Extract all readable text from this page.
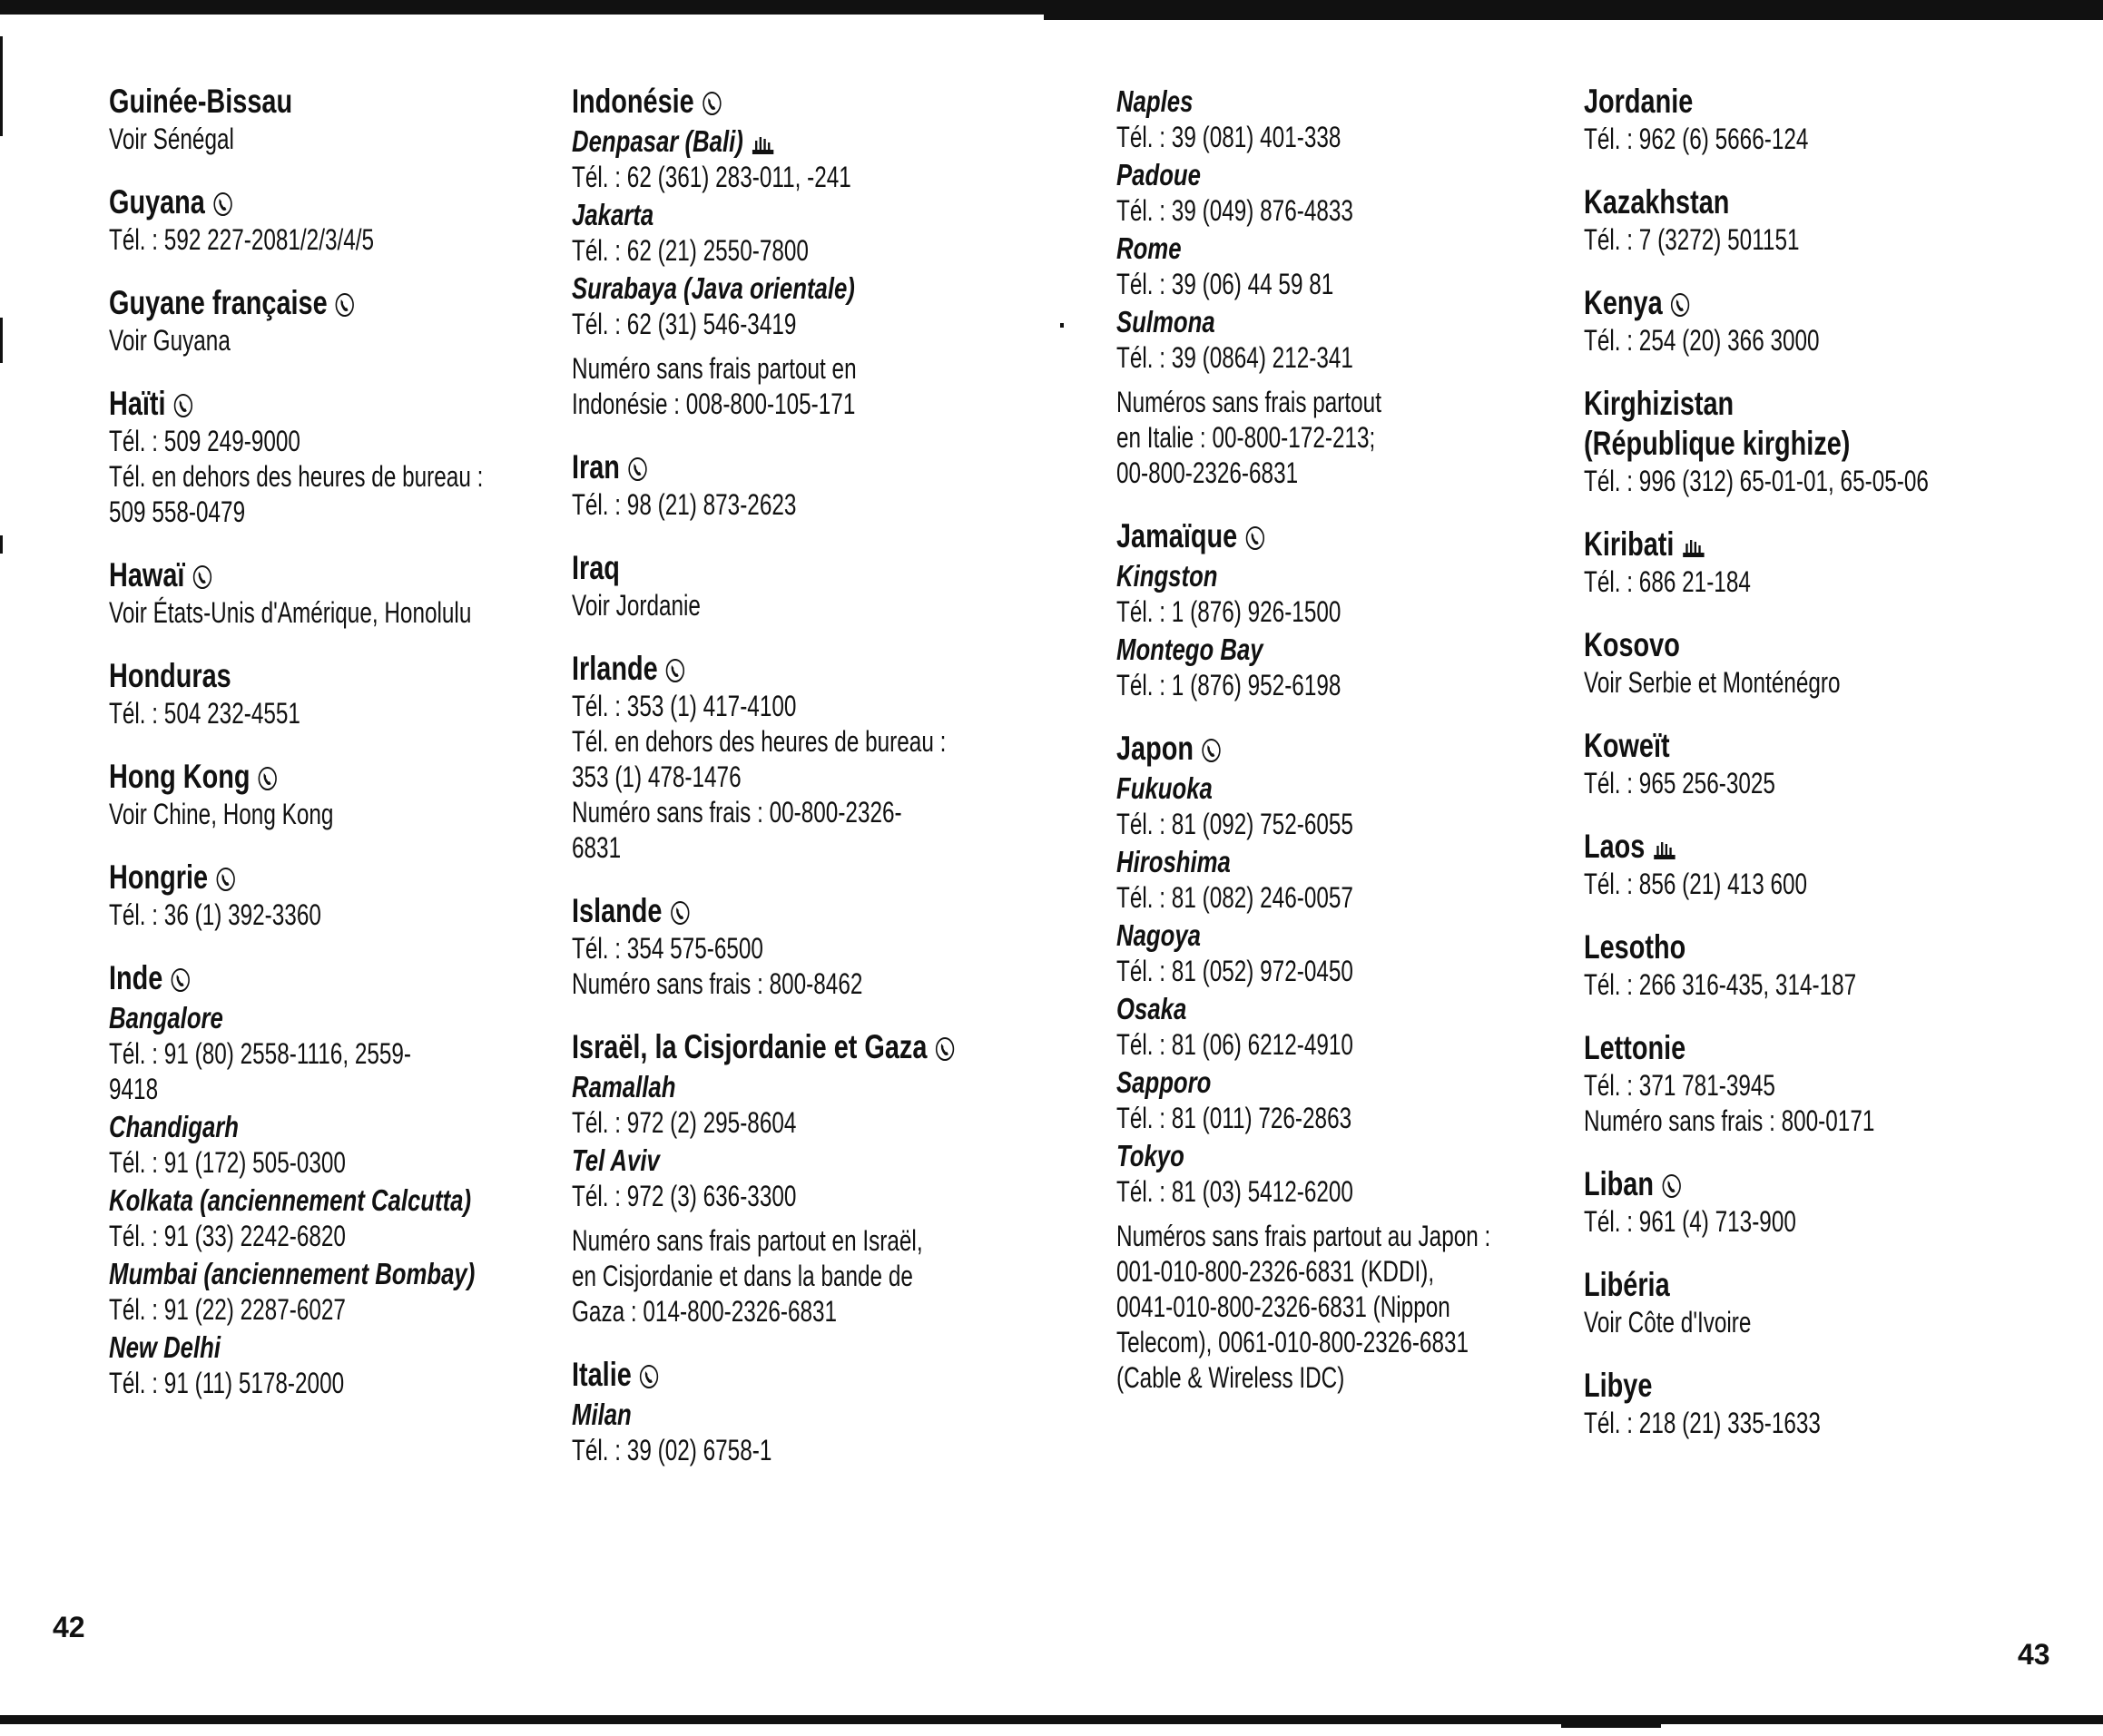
Guinée-Bissau
Voir Sénégal
Guyana
Tél. : 592 227-2081/2/3/4/5
Guyane française
Voir Guyana
Haïti
Tél. : 509 249-9000
Tél. en dehors des heures de bureau :
509 558-0479
Hawaï
Voir États-Unis d'Amérique, Honolulu
Honduras
Tél. : 504 232-4551
Hong Kong
Voir Chine, Hong Kong
Hongrie
Tél. : 36 (1) 392-3360
Inde
Bangalore
Tél. : 91 (80) 2558-1116, 2559-
9418
Chandigarh
Tél. : 91 (172) 505-0300
Kolkata (anciennement Calcutta)
Tél. : 91 (33) 2242-6820
Mumbai (anciennement Bombay)
Tél. : 91 (22) 2287-6027
New Delhi
Tél. : 91 (11) 5178-2000
Indonésie
Denpasar (Bali)
Tél. : 62 (361) 283-011, -241
Jakarta
Tél. : 62 (21) 2550-7800
Surabaya (Java orientale)
Tél. : 62 (31) 546-3419
Numéro sans frais partout en
Indonésie : 008-800-105-171
Iran
Tél. : 98 (21) 873-2623
Iraq
Voir Jordanie
Irlande
Tél. : 353 (1) 417-4100
Tél. en dehors des heures de bureau :
353 (1) 478-1476
Numéro sans frais : 00-800-2326-
6831
Islande
Tél. : 354 575-6500
Numéro sans frais : 800-8462
Israël, la Cisjordanie et Gaza
Ramallah
Tél. : 972 (2) 295-8604
Tel Aviv
Tél. : 972 (3) 636-3300
Numéro sans frais partout en Israël,
en Cisjordanie et dans la bande de
Gaza : 014-800-2326-6831
Italie
Milan
Tél. : 39 (02) 6758-1
Naples
Tél. : 39 (081) 401-338
Padoue
Tél. : 39 (049) 876-4833
Rome
Tél. : 39 (06) 44 59 81
Sulmona
Tél. : 39 (0864) 212-341
Numéros sans frais partout
en Italie : 00-800-172-213;
00-800-2326-6831
Jamaïque
Kingston
Tél. : 1 (876) 926-1500
Montego Bay
Tél. : 1 (876) 952-6198
Japon
Fukuoka
Tél. : 81 (092) 752-6055
Hiroshima
Tél. : 81 (082) 246-0057
Nagoya
Tél. : 81 (052) 972-0450
Osaka
Tél. : 81 (06) 6212-4910
Sapporo
Tél. : 81 (011) 726-2863
Tokyo
Tél. : 81 (03) 5412-6200
Numéros sans frais partout au Japon :
001-010-800-2326-6831 (KDDI),
0041-010-800-2326-6831 (Nippon
Telecom), 0061-010-800-2326-6831
(Cable & Wireless IDC)
Jordanie
Tél. : 962 (6) 5666-124
Kazakhstan
Tél. : 7 (3272) 501151
Kenya
Tél. : 254 (20) 366 3000
Kirghizistan
(République kirghize)
Tél. : 996 (312) 65-01-01, 65-05-06
Kiribati
Tél. : 686 21-184
Kosovo
Voir Serbie et Monténégro
Koweït
Tél. : 965 256-3025
Laos
Tél. : 856 (21) 413 600
Lesotho
Tél. : 266 316-435, 314-187
Lettonie
Tél. : 371 781-3945
Numéro sans frais : 800-0171
Liban
Tél. : 961 (4) 713-900
Libéria
Voir Côte d'Ivoire
Libye
Tél. : 218 (21) 335-1633
42
43
